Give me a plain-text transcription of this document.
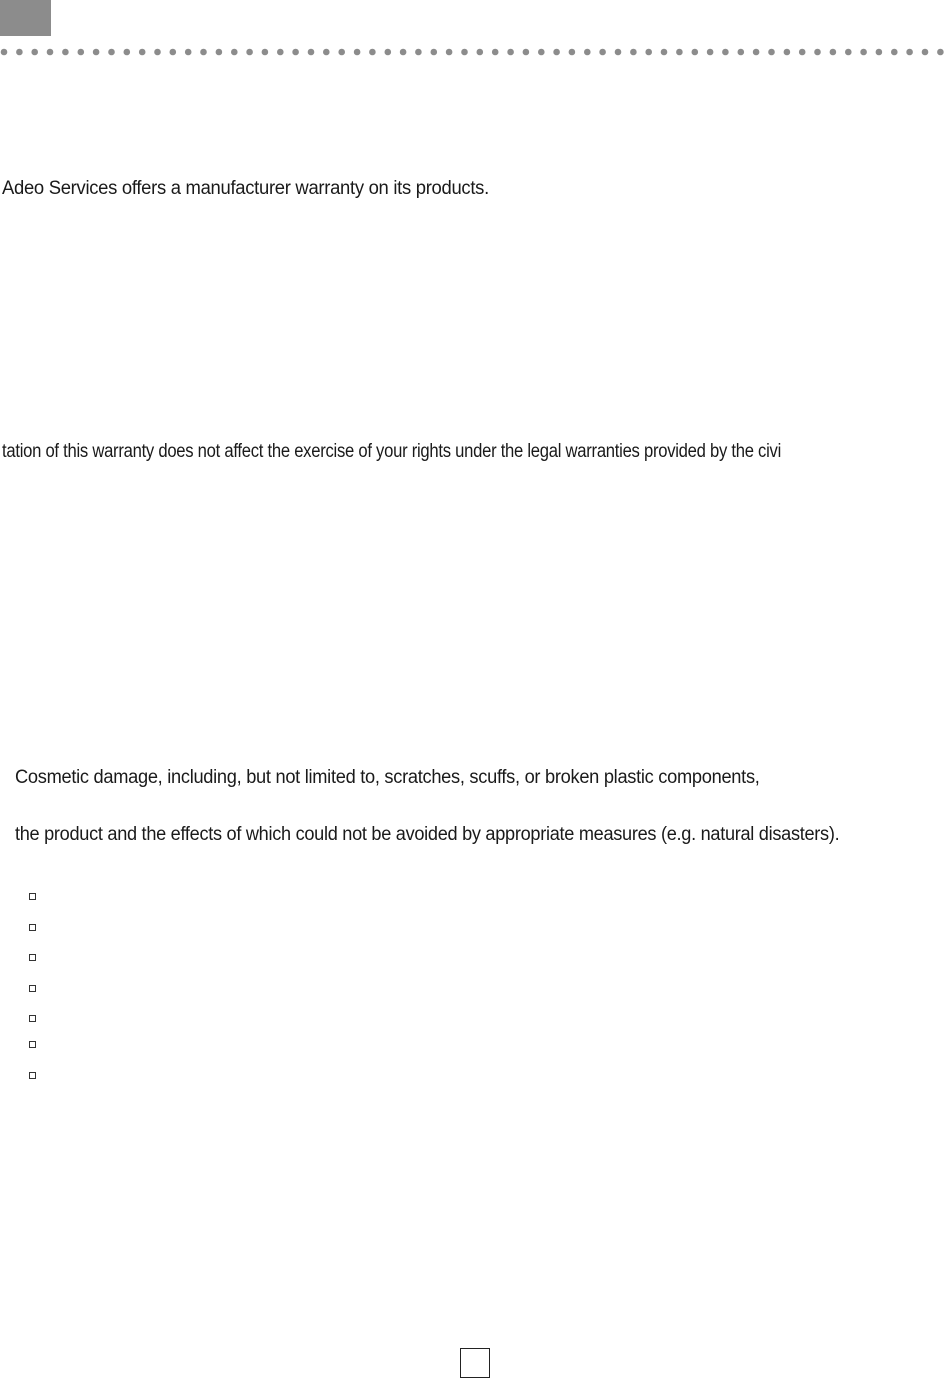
Adeo Services offers a manufacturer warranty on its products.
tation of this warranty does not affect the exercise of your rights under the legal warranties provided by the civi
Cosmetic damage, including, but not limited to, scratches, scuffs, or broken plastic components,
the product and the effects of which could not be avoided by appropriate measures (e.g. natural disasters).
